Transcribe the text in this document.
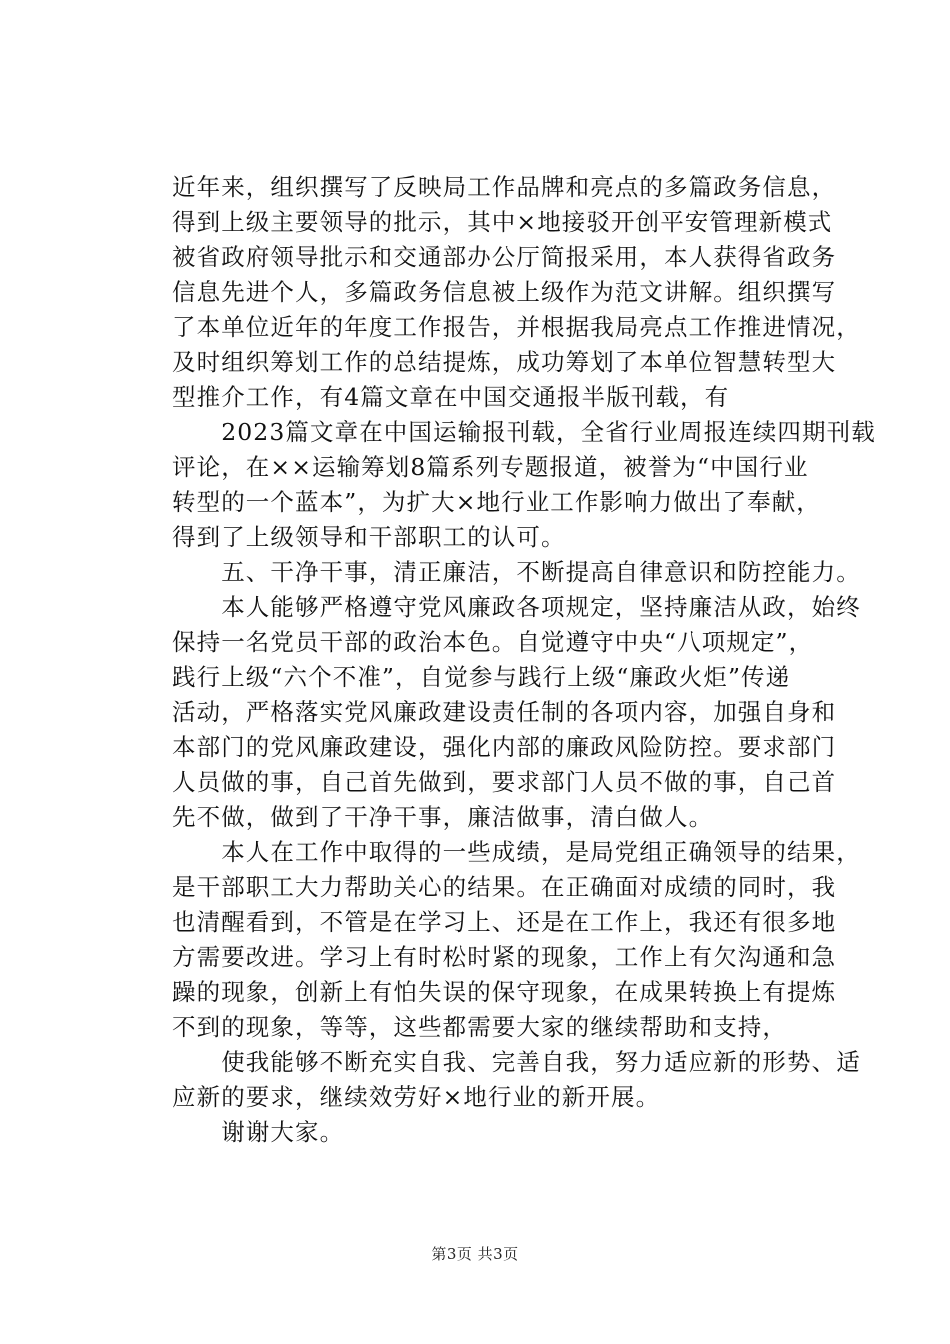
近年来，组织撰写了反映局工作品牌和亮点的多篇政务信息，
得到上级主要领导的批示，其中×地接驳开创平安管理新模式
被省政府领导批示和交通部办公厅简报采用，本人获得省政务
信息先进个人，多篇政务信息被上级作为范文讲解。组织撰写
了本单位近年的年度工作报告，并根据我局亮点工作推进情况，
及时组织筹划工作的总结提炼，成功筹划了本单位智慧转型大
型推介工作，有4篇文章在中国交通报半版刊载，有
　　2023篇文章在中国运输报刊载，全省行业周报连续四期刊载
评论，在××运输筹划8篇系列专题报道，被誉为“中国行业
转型的一个蓝本”，为扩大×地行业工作影响力做出了奉献，
得到了上级领导和干部职工的认可。
　　五、干净干事，清正廉洁，不断提高自律意识和防控能力。
　　本人能够严格遵守党风廉政各项规定，坚持廉洁从政，始终
保持一名党员干部的政治本色。自觉遵守中央“八项规定”，
践行上级“六个不准”，自觉参与践行上级“廉政火炬”传递
活动，严格落实党风廉政建设责任制的各项内容，加强自身和
本部门的党风廉政建设，强化内部的廉政风险防控。要求部门
人员做的事，自己首先做到，要求部门人员不做的事，自己首
先不做，做到了干净干事，廉洁做事，清白做人。
　　本人在工作中取得的一些成绩，是局党组正确领导的结果，
是干部职工大力帮助关心的结果。在正确面对成绩的同时，我
也清醒看到，不管是在学习上、还是在工作上，我还有很多地
方需要改进。学习上有时松时紧的现象，工作上有欠沟通和急
躁的现象，创新上有怕失误的保守现象，在成果转换上有提炼
不到的现象，等等，这些都需要大家的继续帮助和支持，
　　使我能够不断充实自我、完善自我，努力适应新的形势、适
应新的要求，继续效劳好×地行业的新开展。
　　谢谢大家。
第3页 共3页
